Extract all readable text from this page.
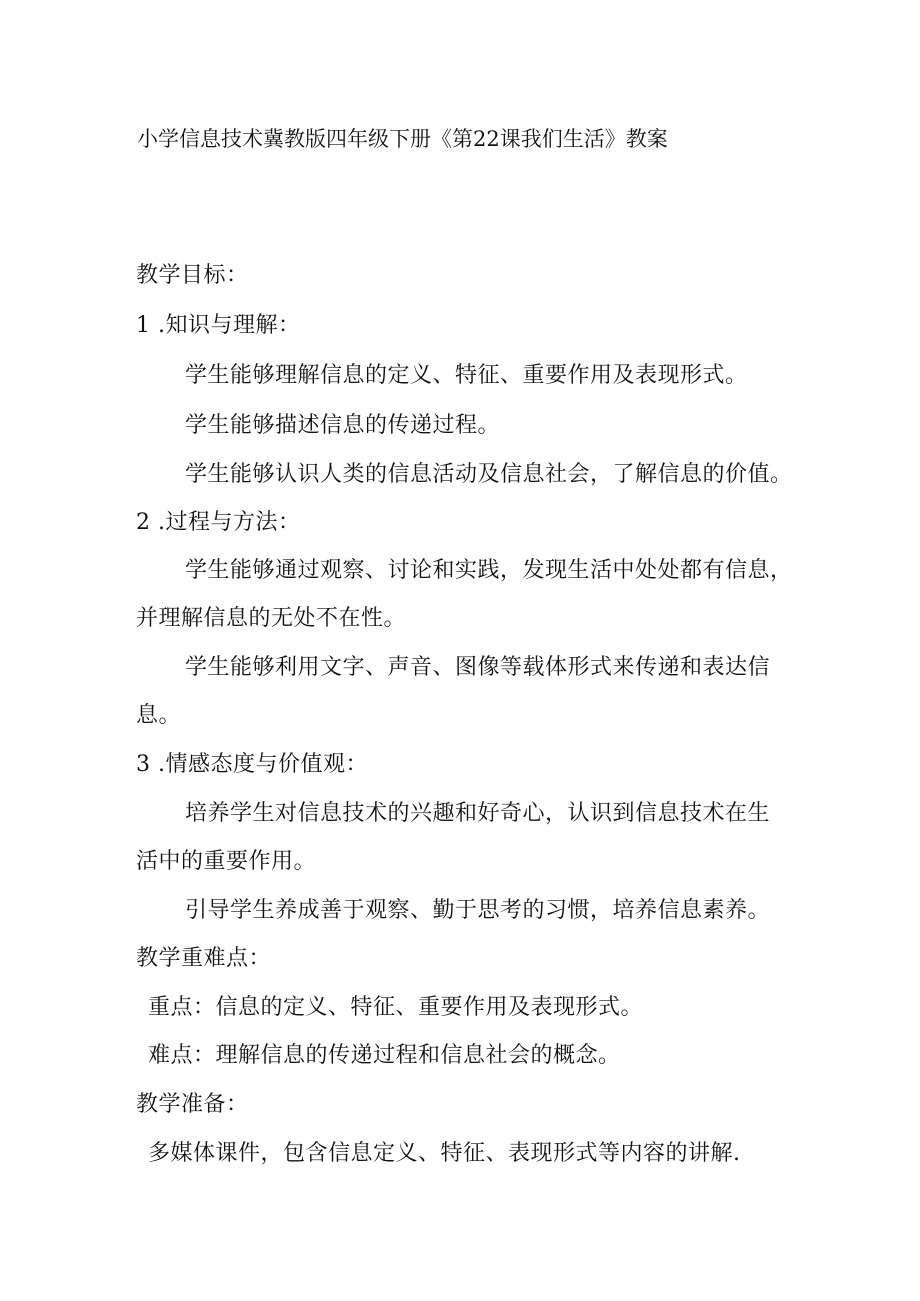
小学信息技术冀教版四年级下册《第22课我们生活》教案
教学目标：
1 .知识与理解：
学生能够理解信息的定义、特征、重要作用及表现形式。
学生能够描述信息的传递过程。
学生能够认识人类的信息活动及信息社会，了解信息的价值。
2 .过程与方法：
学生能够通过观察、讨论和实践，发现生活中处处都有信息，
并理解信息的无处不在性。
学生能够利用文字、声音、图像等载体形式来传递和表达信
息。
3 .情感态度与价值观：
培养学生对信息技术的兴趣和好奇心，认识到信息技术在生
活中的重要作用。
引导学生养成善于观察、勤于思考的习惯，培养信息素养。
教学重难点：
重点：信息的定义、特征、重要作用及表现形式。
难点：理解信息的传递过程和信息社会的概念。
教学准备：
多媒体课件，包含信息定义、特征、表现形式等内容的讲解.
